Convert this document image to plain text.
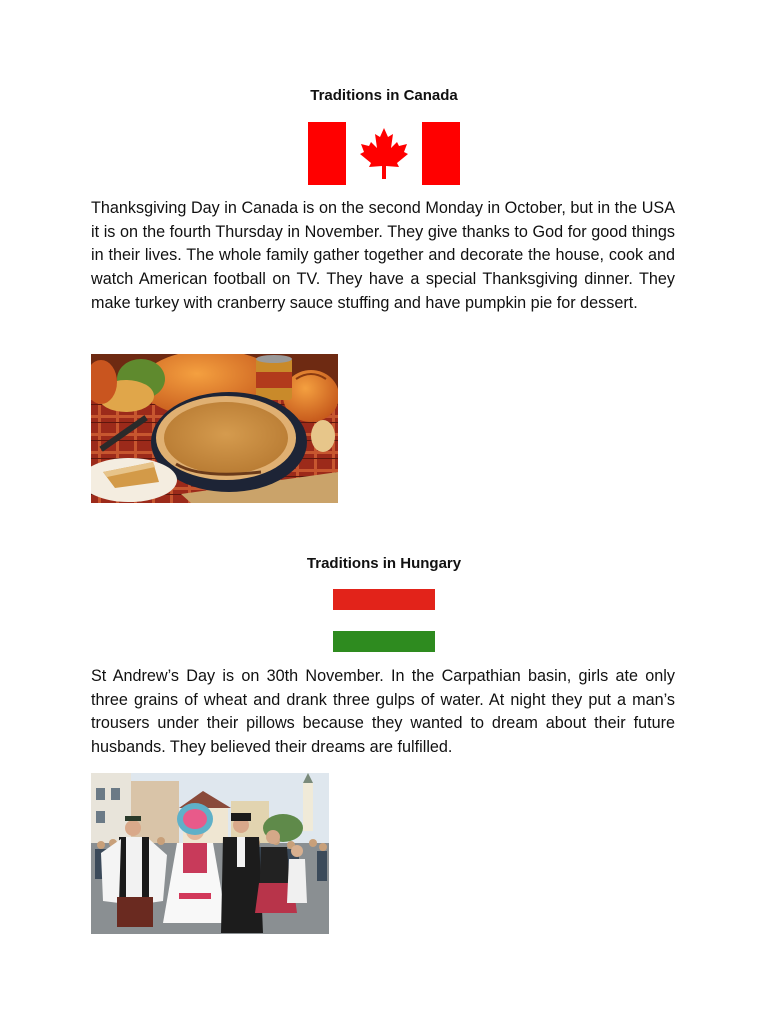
Traditions in Canada

Thanksgiving Day in Canada is on the second Monday in October, but in the USA it is on the fourth Thursday in November. They give thanks to God for good things in their lives. The whole family gather together and decorate the house, cook and watch American football on TV. They have a special Thanksgiving dinner. They make turkey with cranberry sauce stuffing and have pumpkin pie for dessert.

Traditions in Hungary

St Andrew’s Day is on 30th November. In the Carpathian basin, girls ate only three grains of wheat and drank three gulps of water. At night they put a man’s trousers under their pillows because they wanted to dream about their future husbands. They believed their dreams are fulfilled.
